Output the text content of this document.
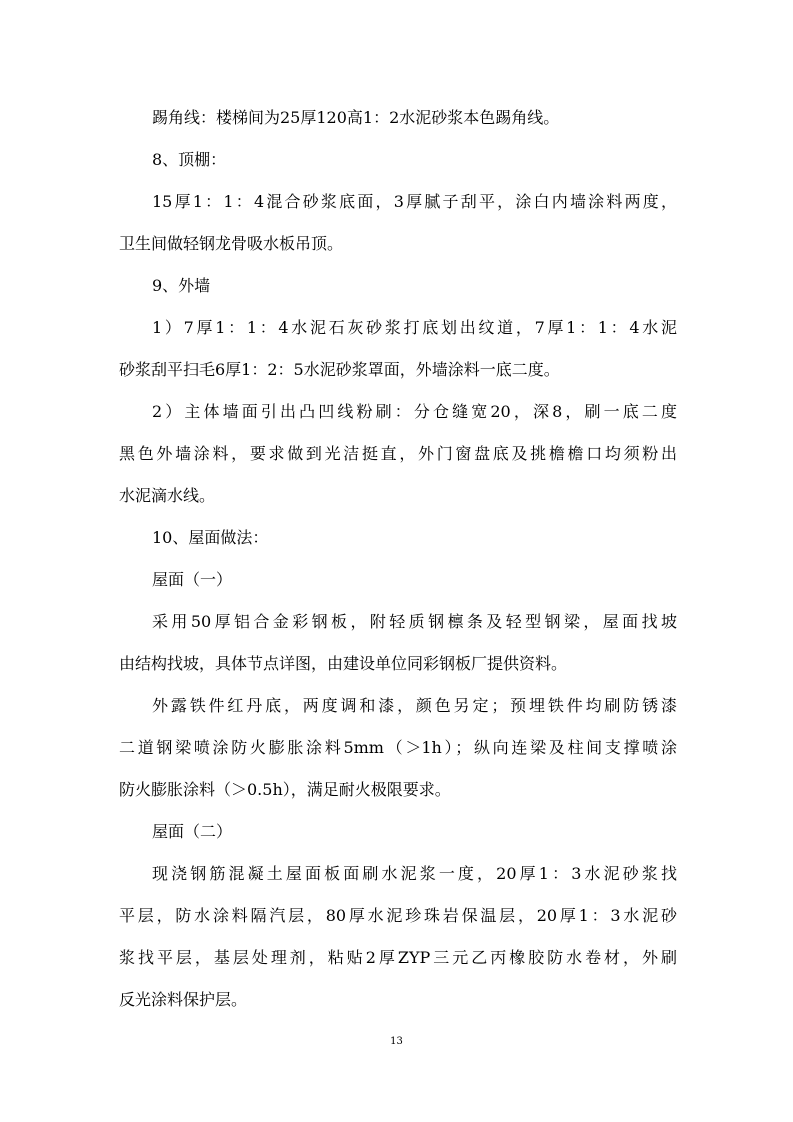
踢角线：楼梯间为25厚120高1：2水泥砂浆本色踢角线。
8、顶棚：
15厚1：1：4混合砂浆底面，3厚腻子刮平，涂白内墙涂料两度，
卫生间做轻钢龙骨吸水板吊顶。
9、外墙
1）7厚1：1：4水泥石灰砂浆打底划出纹道，7厚1：1：4水泥
砂浆刮平扫毛6厚1：2：5水泥砂浆罩面，外墙涂料一底二度。
2）主体墙面引出凸凹线粉刷：分仓缝宽20，深8，刷一底二度
黑色外墙涂料，要求做到光洁挺直，外门窗盘底及挑檐檐口均须粉出
水泥滴水线。
10、屋面做法：
屋面（一）
采用50厚铝合金彩钢板，附轻质钢檩条及轻型钢梁，屋面找坡
由结构找坡，具体节点详图，由建设单位同彩钢板厂提供资料。
外露铁件红丹底，两度调和漆，颜色另定；预埋铁件均刷防锈漆
二道钢梁喷涂防火膨胀涂料5mm（＞1h）；纵向连梁及柱间支撑喷涂
防火膨胀涂料（＞0.5h），满足耐火极限要求。
屋面（二）
现浇钢筋混凝土屋面板面刷水泥浆一度，20厚1：3水泥砂浆找
平层，防水涂料隔汽层，80厚水泥珍珠岩保温层，20厚1：3水泥砂
浆找平层，基层处理剂，粘贴2厚ZYP三元乙丙橡胶防水卷材，外刷
反光涂料保护层。
13
